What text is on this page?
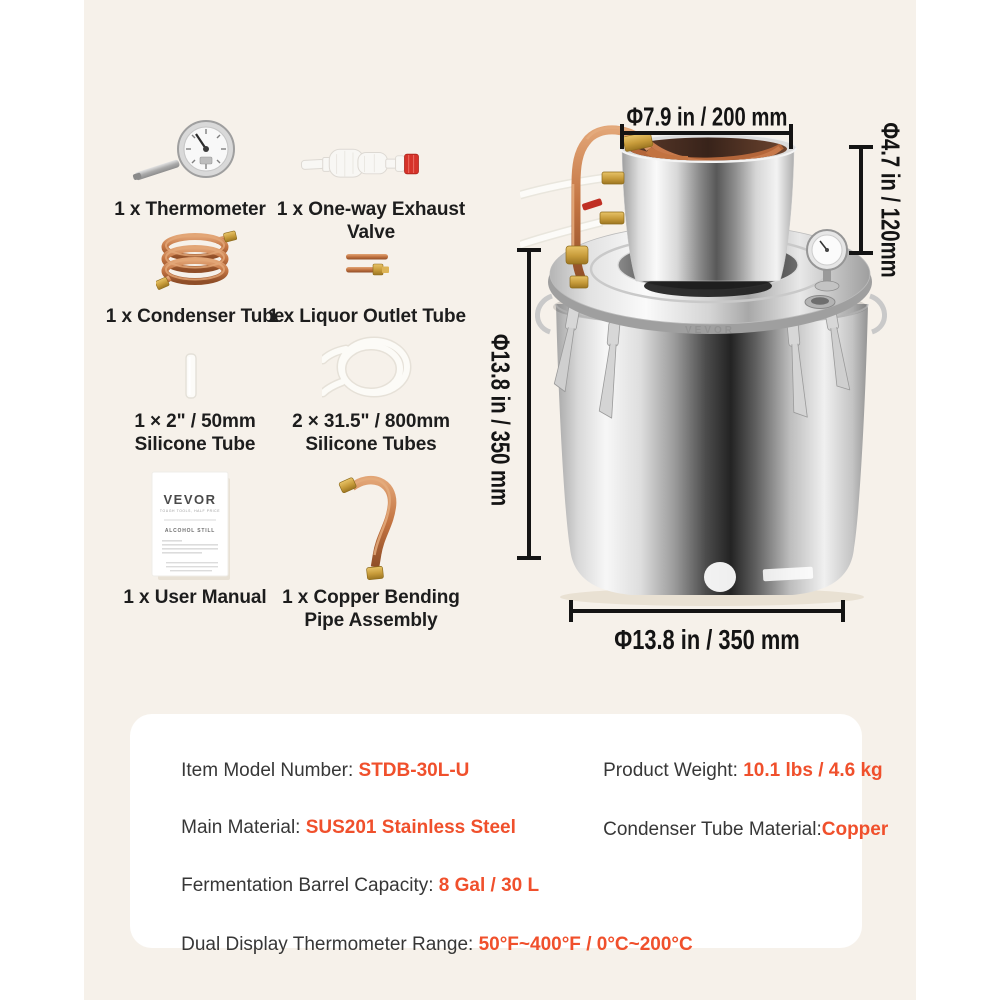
VEVOR
TOUGH TOOLS, HALF PRICE
ALCOHOL STILL
1 x Thermometer 1 x One-way Exhaust Valve
1 x Condenser Tube
1 x Liquor Outlet Tube
1 × 2" / 50mm
Silicone Tube
2 × 31.5" / 800mm
Silicone Tubes
1 x User Manual 1 x Copper Bending
Pipe Assembly
VEVOR
Φ7.9 in / 200 mm
Φ4.7 in / 120mm
Φ13.8 in / 350 mm
Φ13.8 in / 350 mm

Item Model Number: STDB-30L-U
	Product Weight: 10.1 lbs / 4.6 kg

Main Material: SUS201 Stainless Steel
	Condenser Tube Material:Copper

Fermentation Barrel Capacity: 8 Gal / 30 L

Dual Display Thermometer Range: 50°F~400°F / 0°C~200°C
